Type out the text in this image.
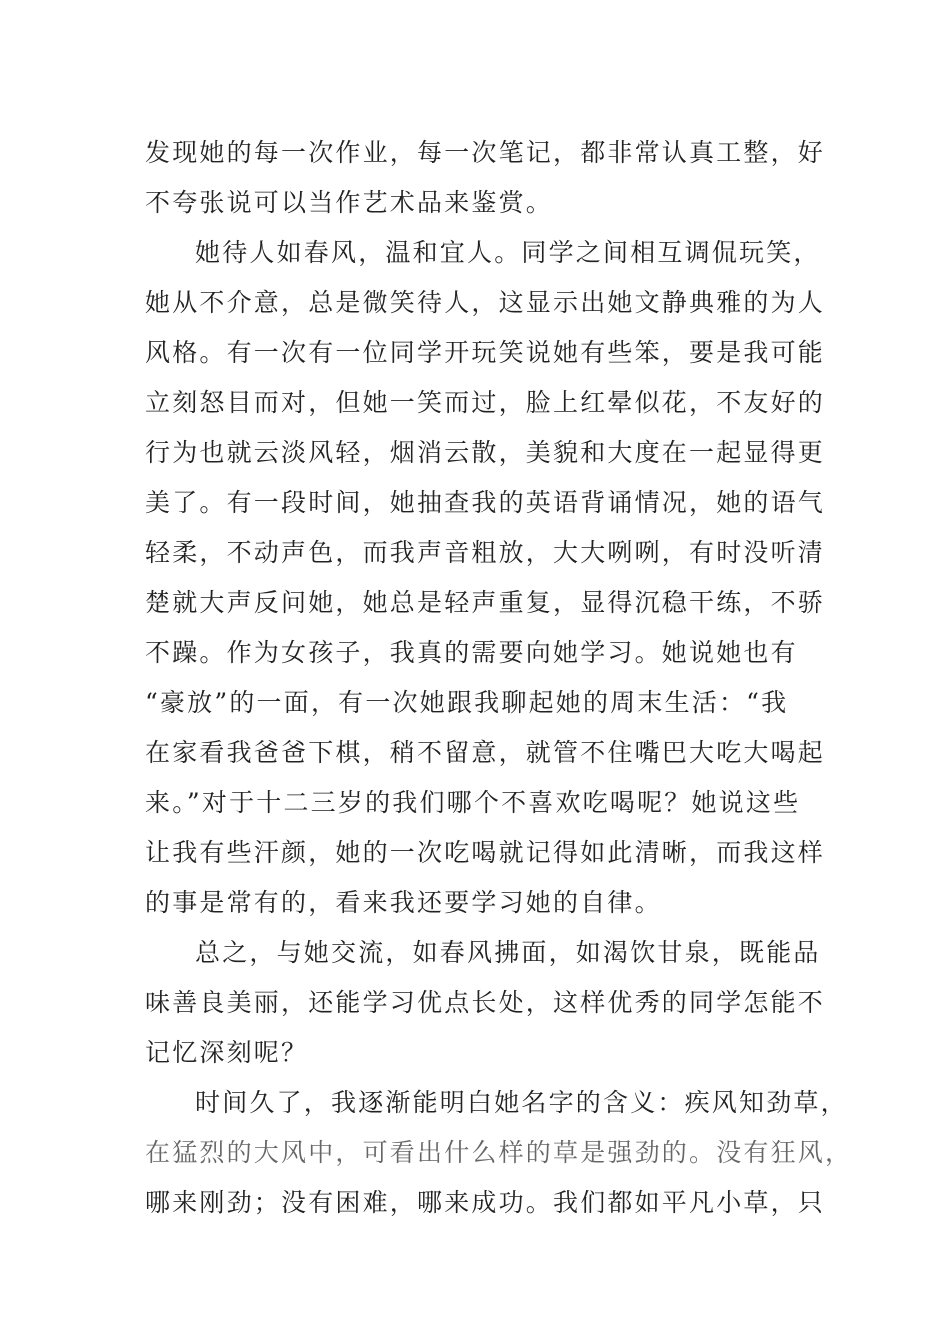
发现她的每一次作业，每一次笔记，都非常认真工整，好
不夸张说可以当作艺术品来鉴赏。
她待人如春风，温和宜人。同学之间相互调侃玩笑，
她从不介意，总是微笑待人，这显示出她文静典雅的为人
风格。有一次有一位同学开玩笑说她有些笨，要是我可能
立刻怒目而对，但她一笑而过，脸上红晕似花，不友好的
行为也就云淡风轻，烟消云散，美貌和大度在一起显得更
美了。有一段时间，她抽查我的英语背诵情况，她的语气
轻柔，不动声色，而我声音粗放，大大咧咧，有时没听清
楚就大声反问她，她总是轻声重复，显得沉稳干练，不骄
不躁。作为女孩子，我真的需要向她学习。她说她也有
“豪放”的一面，有一次她跟我聊起她的周末生活：“我
在家看我爸爸下棋，稍不留意，就管不住嘴巴大吃大喝起
来。”对于十二三岁的我们哪个不喜欢吃喝呢？她说这些
让我有些汗颜，她的一次吃喝就记得如此清晰，而我这样
的事是常有的，看来我还要学习她的自律。
总之，与她交流，如春风拂面，如渴饮甘泉，既能品
味善良美丽，还能学习优点长处，这样优秀的同学怎能不
记忆深刻呢？
时间久了，我逐渐能明白她名字的含义：疾风知劲草，
在猛烈的大风中，可看出什么样的草是强劲的。没有狂风，
哪来刚劲；没有困难，哪来成功。我们都如平凡小草，只
